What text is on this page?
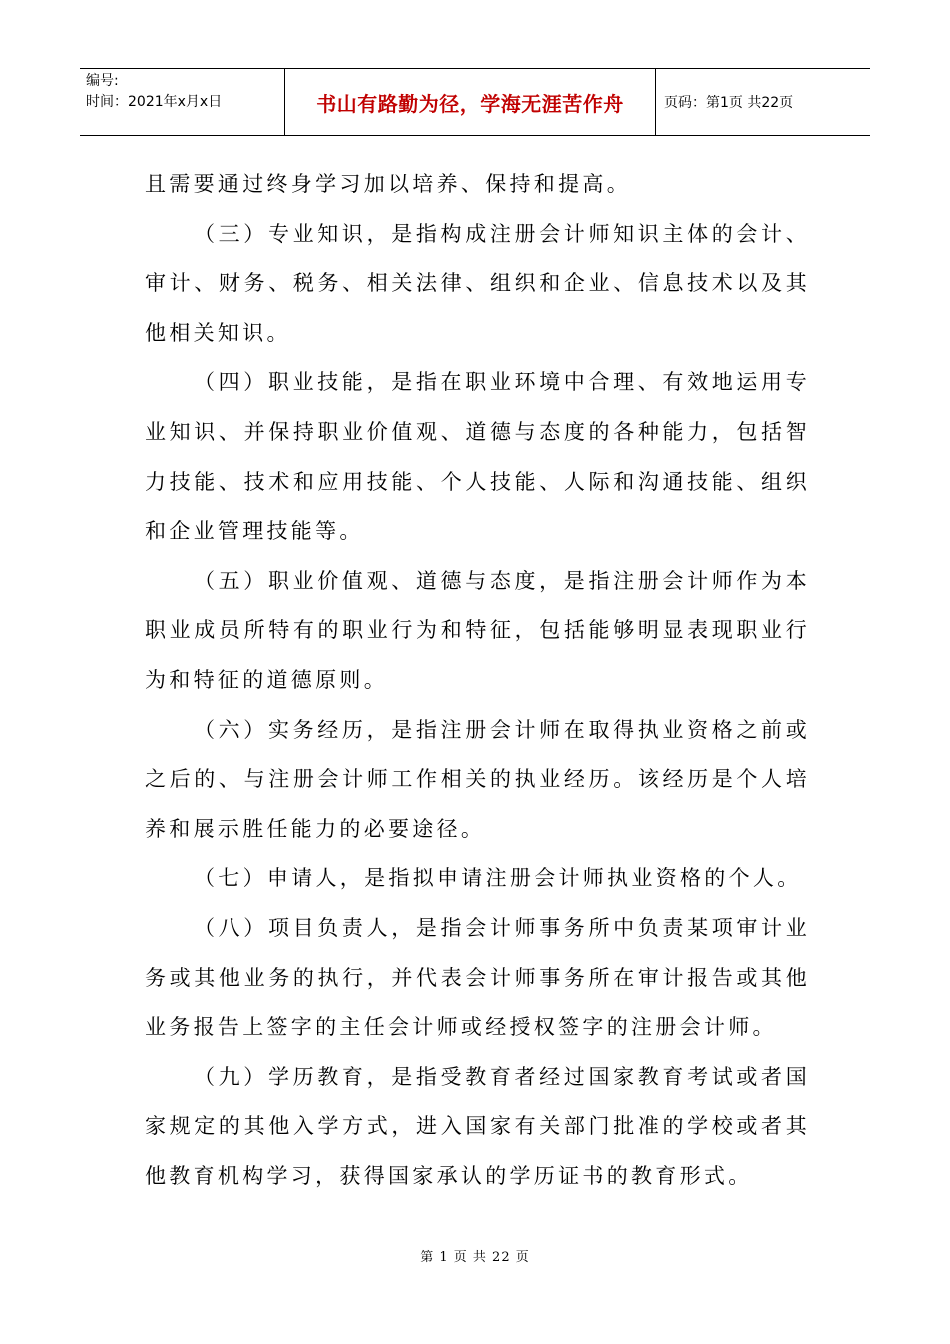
编号:
时间：2021年x月x日	书山有路勤为径，学海无涯苦作舟	页码：第1页 共22页

且需要通过终身学习加以培养、保持和提高。

（三）专业知识，是指构成注册会计师知识主体的会计、审计、财务、税务、相关法律、组织和企业、信息技术以及其他相关知识。

（四）职业技能，是指在职业环境中合理、有效地运用专业知识、并保持职业价值观、道德与态度的各种能力，包括智力技能、技术和应用技能、个人技能、人际和沟通技能、组织和企业管理技能等。

（五）职业价值观、道德与态度，是指注册会计师作为本职业成员所特有的职业行为和特征，包括能够明显表现职业行为和特征的道德原则。

（六）实务经历，是指注册会计师在取得执业资格之前或之后的、与注册会计师工作相关的执业经历。该经历是个人培养和展示胜任能力的必要途径。

（七）申请人，是指拟申请注册会计师执业资格的个人。

（八）项目负责人，是指会计师事务所中负责某项审计业务或其他业务的执行，并代表会计师事务所在审计报告或其他业务报告上签字的主任会计师或经授权签字的注册会计师。

（九）学历教育，是指受教育者经过国家教育考试或者国家规定的其他入学方式，进入国家有关部门批准的学校或者其他教育机构学习，获得国家承认的学历证书的教育形式。

第 1 页 共 22 页
